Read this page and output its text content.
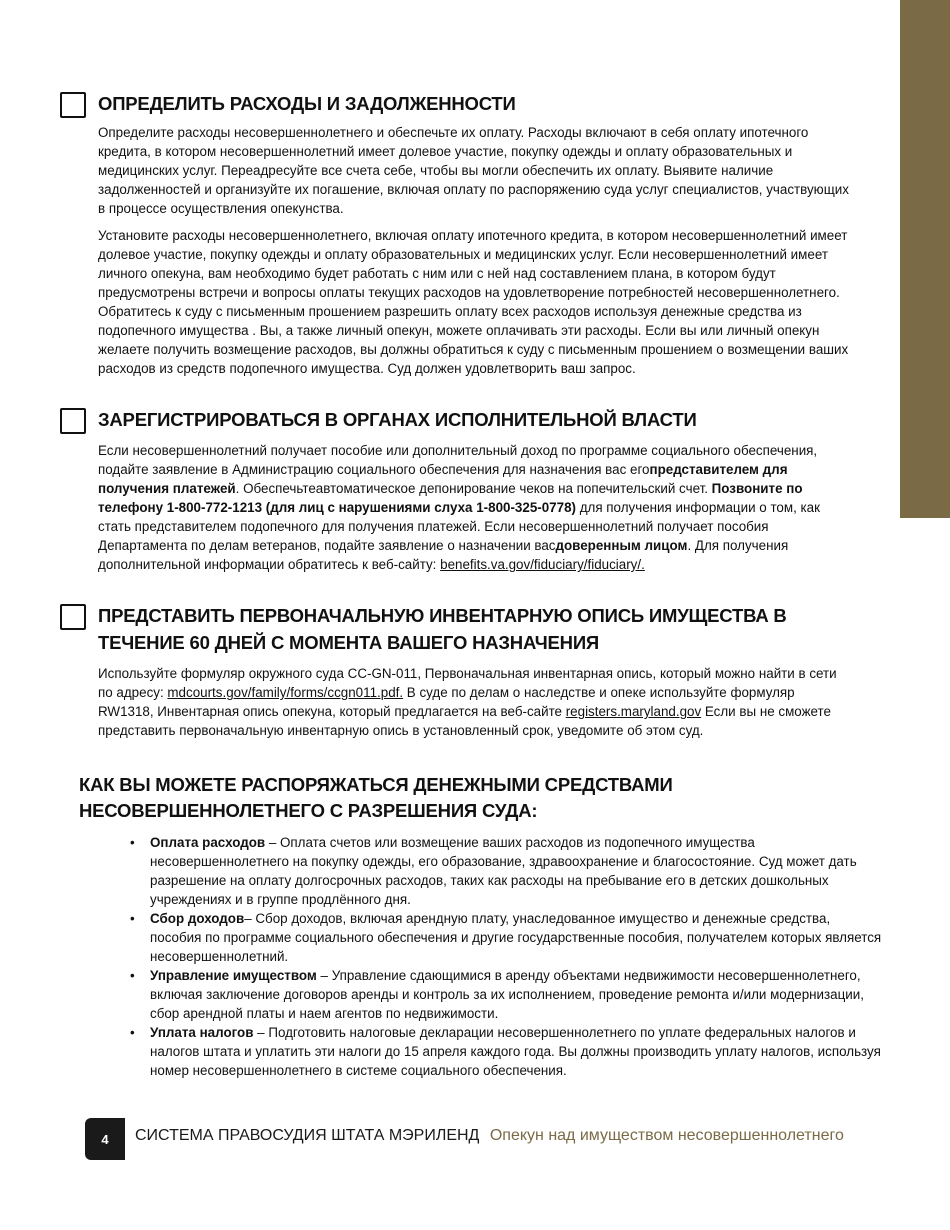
ОПРЕДЕЛИТЬ РАСХОДЫ И ЗАДОЛЖЕННОСТИ

Определите расходы несовершеннолетнего и обеспечьте их оплату. Расходы включают в себя оплату ипотечного кредита, в котором несовершеннолетний имеет долевое участие, покупку одежды и оплату образовательных и медицинских услуг. Переадресуйте все счета себе, чтобы вы могли обеспечить их оплату. Выявите наличие задолженностей и организуйте их погашение, включая оплату по распоряжению суда услуг специалистов, участвующих в процессе осуществления опекунства.

Установите расходы несовершеннолетнего, включая оплату ипотечного кредита, в котором несовершеннолетний имеет долевое участие, покупку одежды и оплату образовательных и медицинских услуг. Если несовершеннолетний имеет личного опекуна, вам необходимо будет работать с ним или с ней над составлением плана, в котором будут предусмотрены встречи и вопросы оплаты текущих расходов на удовлетворение потребностей несовершеннолетнего. Обратитесь к суду с письменным прошением разрешить оплату всех расходов используя денежные средства из подопечного имущества . Вы, а также личный опекун, можете оплачивать эти расходы. Если вы или личный опекун желаете получить возмещение расходов, вы должны обратиться к суду с письменным прошением о возмещении ваших расходов из средств подопечного имущества. Суд должен удовлетворить ваш запрос.

ЗАРЕГИСТРИРОВАТЬСЯ В ОРГАНАХ ИСПОЛНИТЕЛЬНОЙ ВЛАСТИ

Если несовершеннолетний получает пособие или дополнительный доход по программе социального обеспечения, подайте заявление в Администрацию социального обеспечения для назначения вас егопредставителем для получения платежей. Обеспечьтеавтоматическое депонирование чеков на попечительский счет. Позвоните по телефону 1-800-772-1213 (для лиц с нарушениями слуха 1-800-325-0778) для получения информации о том, как стать представителем подопечного для получения платежей. Если несовершеннолетний получает пособия Департамента по делам ветеранов, подайте заявление о назначении васдоверенным лицом. Для получения дополнительной информации обратитесь к веб-сайту: benefits.va.gov/fiduciary/fiduciary/.

ПРЕДСТАВИТЬ ПЕРВОНАЧАЛЬНУЮ ИНВЕНТАРНУЮ ОПИСЬ ИМУЩЕСТВА В ТЕЧЕНИЕ 60 ДНЕЙ С МОМЕНТА ВАШЕГО НАЗНАЧЕНИЯ

Используйте формуляр окружного суда CC-GN-011, Первоначальная инвентарная опись, который можно найти в сети по адресу: mdcourts.gov/family/forms/ccgn011.pdf. В суде по делам о наследстве и опеке используйте формуляр RW1318, Инвентарная опись опекуна, который предлагается на веб-сайте registers.maryland.gov Если вы не сможете представить первоначальную инвентарную опись в установленный срок, уведомите об этом суд.

КАК ВЫ МОЖЕТЕ РАСПОРЯЖАТЬСЯ ДЕНЕЖНЫМИ СРЕДСТВАМИ НЕСОВЕРШЕННОЛЕТНЕГО С РАЗРЕШЕНИЯ СУДА:
• Оплата расходов – Оплата счетов или возмещение ваших расходов из подопечного имущества несовершеннолетнего на покупку одежды, его образование, здравоохранение и благосостояние. Суд может дать разрешение на оплату долгосрочных расходов, таких как расходы на пребывание его в детских дошкольных учреждениях и в группе продлённого дня.
• Сбор доходов– Сбор доходов, включая арендную плату, унаследованное имущество и денежные средства, пособия по программе социального обеспечения и другие государственные пособия, получателем которых является несовершеннолетний.
• Управление имуществом – Управление сдающимися в аренду объектами недвижимости несовершеннолетнего, включая заключение договоров аренды и контроль за их исполнением, проведение ремонта и/или модернизации, сбор арендной платы и наем агентов по недвижимости.
• Уплата налогов – Подготовить налоговые декларации несовершеннолетнего по уплате федеральных налогов и налогов штата и уплатить эти налоги до 15 апреля каждого года. Вы должны производить уплату налогов, используя номер несовершеннолетнего в системе социального обеспечения.
4	СИСТЕМА ПРАВОСУДИЯ ШТАТА МЭРИЛЕНД Опекун над имуществом несовершеннолетнего
